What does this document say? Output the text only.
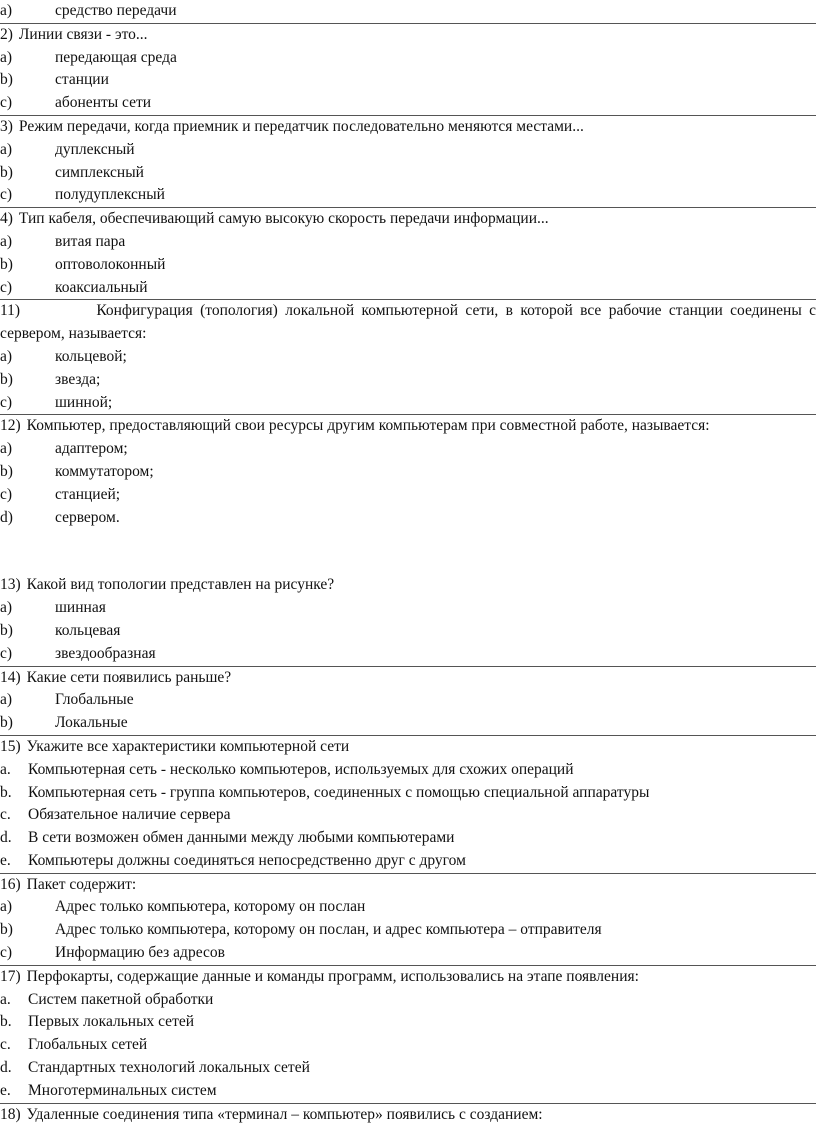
a)	средство передачи
2) Линии связи - это...
a)	передающая среда
b)	станции
c)	абоненты сети
3) Режим передачи, когда приемник и передатчик последовательно меняются местами...
a)	дуплексный
b)	симплексный
c)	полудуплексный
4) Тип кабеля, обеспечивающий самую высокую скорость передачи информации...
a)	витая пара
b)	оптоволоконный
c)	коаксиальный
11)	Конфигурация (топология) локальной компьютерной сети, в которой все рабочие станции соединены с
сервером, называется:
a)	кольцевой;
b)	звезда;
c)	шинной;
12) Компьютер, предоставляющий свои ресурсы другим компьютерам при совместной работе, называется:
a)	адаптером;
b)	коммутатором;
c)	станцией;
d)	сервером.
13) Какой вид топологии представлен на рисунке?
a)	шинная
b)	кольцевая
c)	звездообразная
14) Какие сети появились раньше?
a)	Глобальные
b)	Локальные
15) Укажите все характеристики компьютерной сети
a.	Компьютерная сеть - несколько компьютеров, используемых для схожих операций
b.	Компьютерная сеть - группа компьютеров, соединенных с помощью специальной аппаратуры
c.	Обязательное наличие сервера
d.	В сети возможен обмен данными между любыми компьютерами
e.	Компьютеры должны соединяться непосредственно друг с другом
16) Пакет содержит:
a)	Адрес только компьютера, которому он послан
b)	Адрес только компьютера, которому он послан, и адрес компьютера – отправителя
c)	Информацию без адресов
17) Перфокарты, содержащие данные и команды программ, использовались на этапе появления:
a.	Систем пакетной обработки
b.	Первых локальных сетей
c.	Глобальных сетей
d.	Стандартных технологий локальных сетей
e.	Многотерминальных систем
18) Удаленные соединения типа «терминал – компьютер» появились с созданием:
